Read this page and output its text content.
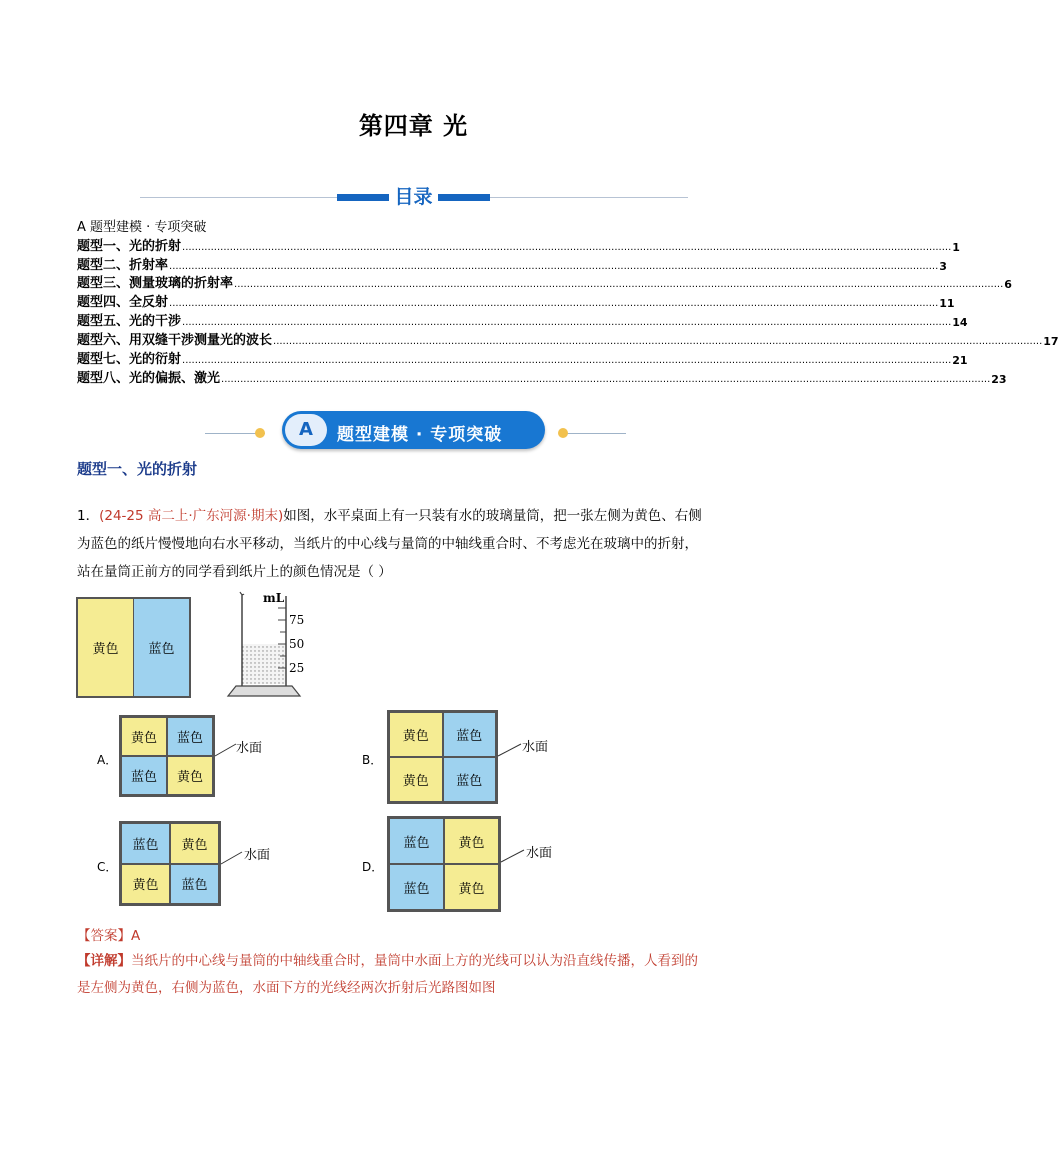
第四章 光
目录
A 题型建模 · 专项突破
题型一、光的折射 .................................................................................................................................................................................................................................................. 1
题型二、折射率 .................................................................................................................................................................................................................................................. 3
题型三、测量玻璃的折射率 .................................................................................................................................................................................................................................................. 6
题型四、全反射 .................................................................................................................................................................................................................................................. 11
题型五、光的干涉 .................................................................................................................................................................................................................................................. 14
题型六、用双缝干涉测量光的波长 .................................................................................................................................................................................................................................................. 17
题型七、光的衍射 .................................................................................................................................................................................................................................................. 21
题型八、光的偏振、激光 .................................................................................................................................................................................................................................................. 23
A	题型建模 · 专项突破
题型一、光的折射
1．(24-25 高二上·广东河源·期末)如图，水平桌面上有一只装有水的玻璃量筒，把一张左侧为黄色、右侧
为蓝色的纸片慢慢地向右水平移动，当纸片的中心线与量筒的中轴线重合时、不考虑光在玻璃中的折射，
站在量筒正前方的同学看到纸片上的颜色情况是（ ）
黄色	蓝色
mL
75
50
25
A．
黄色	蓝色
蓝色	黄色
水面
B．
黄色	蓝色
黄色	蓝色
水面
C．
蓝色	黄色
黄色	蓝色
水面
D．
蓝色	黄色
蓝色	黄色
水面
【答案】A
【详解】当纸片的中心线与量筒的中轴线重合时，量筒中水面上方的光线可以认为沿直线传播，人看到的
是左侧为黄色，右侧为蓝色，水面下方的光线经两次折射后光路图如图
